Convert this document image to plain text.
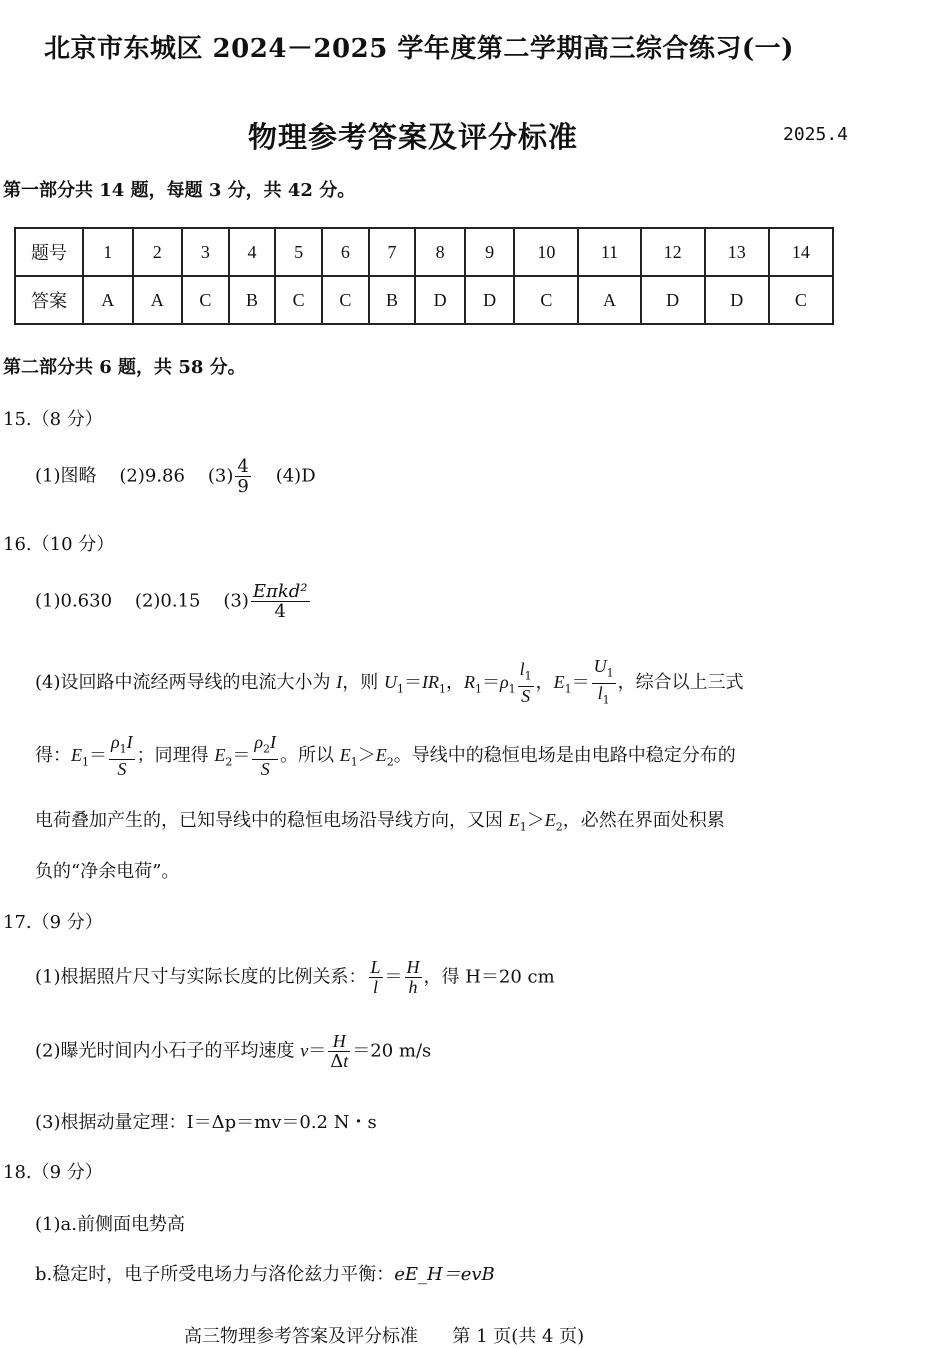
北京市东城区 2024－2025 学年度第二学期高三综合练习(一)
物理参考答案及评分标准	2025.4
第一部分共 14 题，每题 3 分，共 42 分。
题号	1	2	3	4	5	6	7	8	9	10	11	12	13	14
答案	A	A	C	B	C	C	B	D	D	C	A	D	D	C
第二部分共 6 题，共 58 分。
15.（8 分）
(1)图略 (2)9.86 $(3) \frac{4}{9} (4)D$
16.（10 分）
(1)0.630 (2)0.15 $(3) \frac{\text{Eπkd²}}{4}$
(4)设回路中流经两导线的电流大小为 I，则 $U_1=IR_1$，$R_1=\rho_1 \frac{l_1}{S}$ ，$E_1= \frac{U_1}{l_1}$ ，综合以上三式
得：$E_1= \frac{\rho_1I}{S}$ ；同理得 $E_2= \frac{\rho_2I}{S}$ 。所以 $E_1>E_2$。导线中的稳恒电场是由电路中稳定分布的
电荷叠加产生的，已知导线中的稳恒电场沿导线方向，又因 $E_1>E_2$，必然在界面处积累
负的“净余电荷”。
17.（9 分）
(1)根据照片尺寸与实际长度的比例关系： $\frac{L}{l} = \frac{H}{h}$ ，得 H＝20 cm
(2)曝光时间内小石子的平均速度 $v= \frac{H}{\Delta t} =20$ m/s
(3)根据动量定理：I＝Δp＝mv＝0.2 N・s
18.（9 分）
(1)a.前侧面电势高
b.稳定时，电子所受电场力与洛伦兹力平衡：eE_H＝evB
高三物理参考答案及评分标准 第 1 页(共 4 页)
